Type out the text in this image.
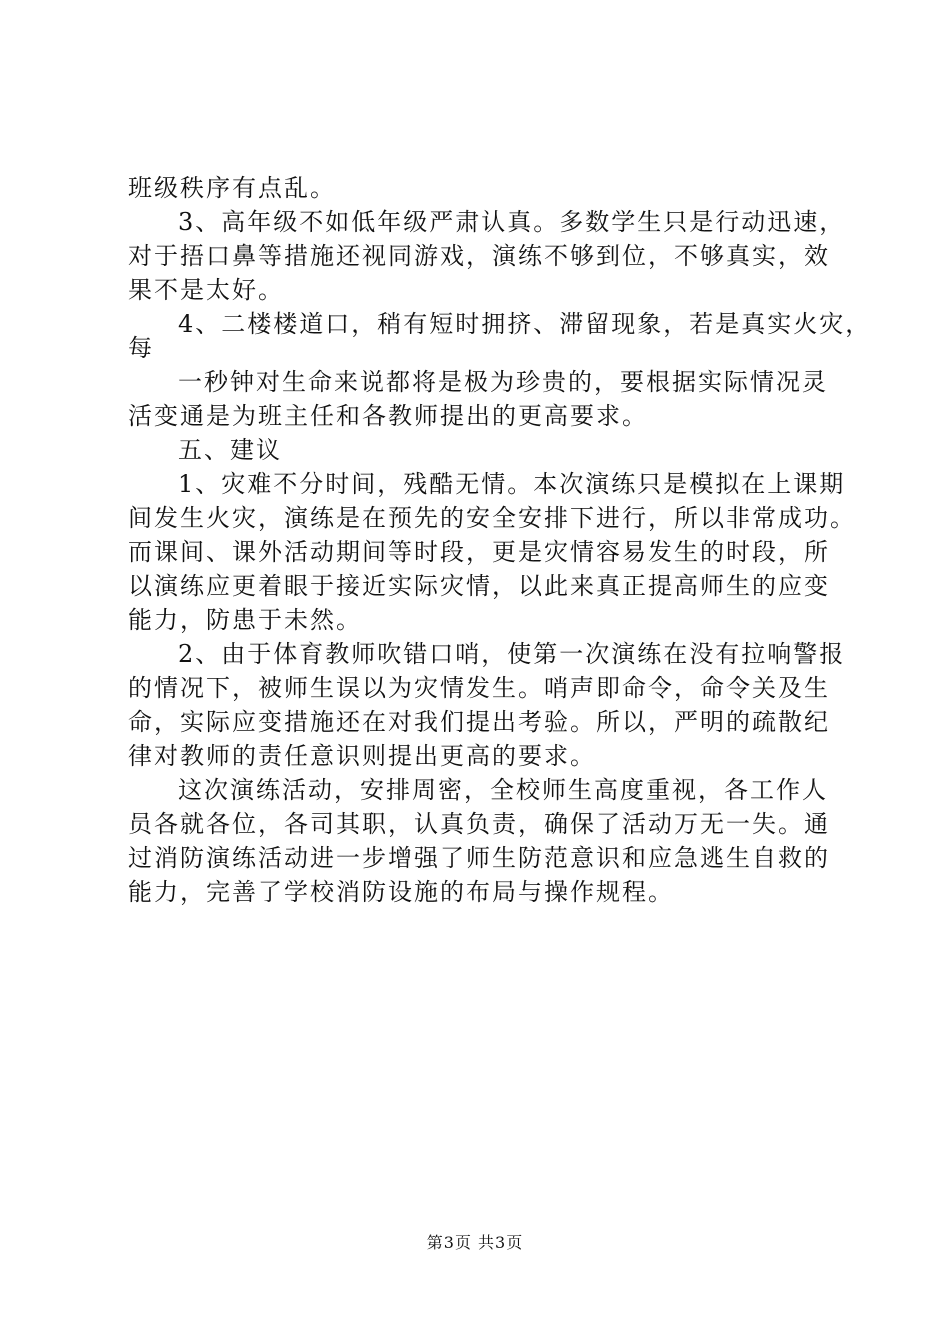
班级秩序有点乱。
3、高年级不如低年级严肃认真。多数学生只是行动迅速，
对于捂口鼻等措施还视同游戏，演练不够到位，不够真实，效
果不是太好。
4、二楼楼道口，稍有短时拥挤、滞留现象，若是真实火灾，
每
一秒钟对生命来说都将是极为珍贵的，要根据实际情况灵
活变通是为班主任和各教师提出的更高要求。
五、建议
1、灾难不分时间，残酷无情。本次演练只是模拟在上课期
间发生火灾，演练是在预先的安全安排下进行，所以非常成功。
而课间、课外活动期间等时段，更是灾情容易发生的时段，所
以演练应更着眼于接近实际灾情，以此来真正提高师生的应变
能力，防患于未然。
2、由于体育教师吹错口哨，使第一次演练在没有拉响警报
的情况下，被师生误以为灾情发生。哨声即命令，命令关及生
命，实际应变措施还在对我们提出考验。所以，严明的疏散纪
律对教师的责任意识则提出更高的要求。
这次演练活动，安排周密，全校师生高度重视，各工作人
员各就各位，各司其职，认真负责，确保了活动万无一失。通
过消防演练活动进一步增强了师生防范意识和应急逃生自救的
能力，完善了学校消防设施的布局与操作规程。
第3页 共3页
